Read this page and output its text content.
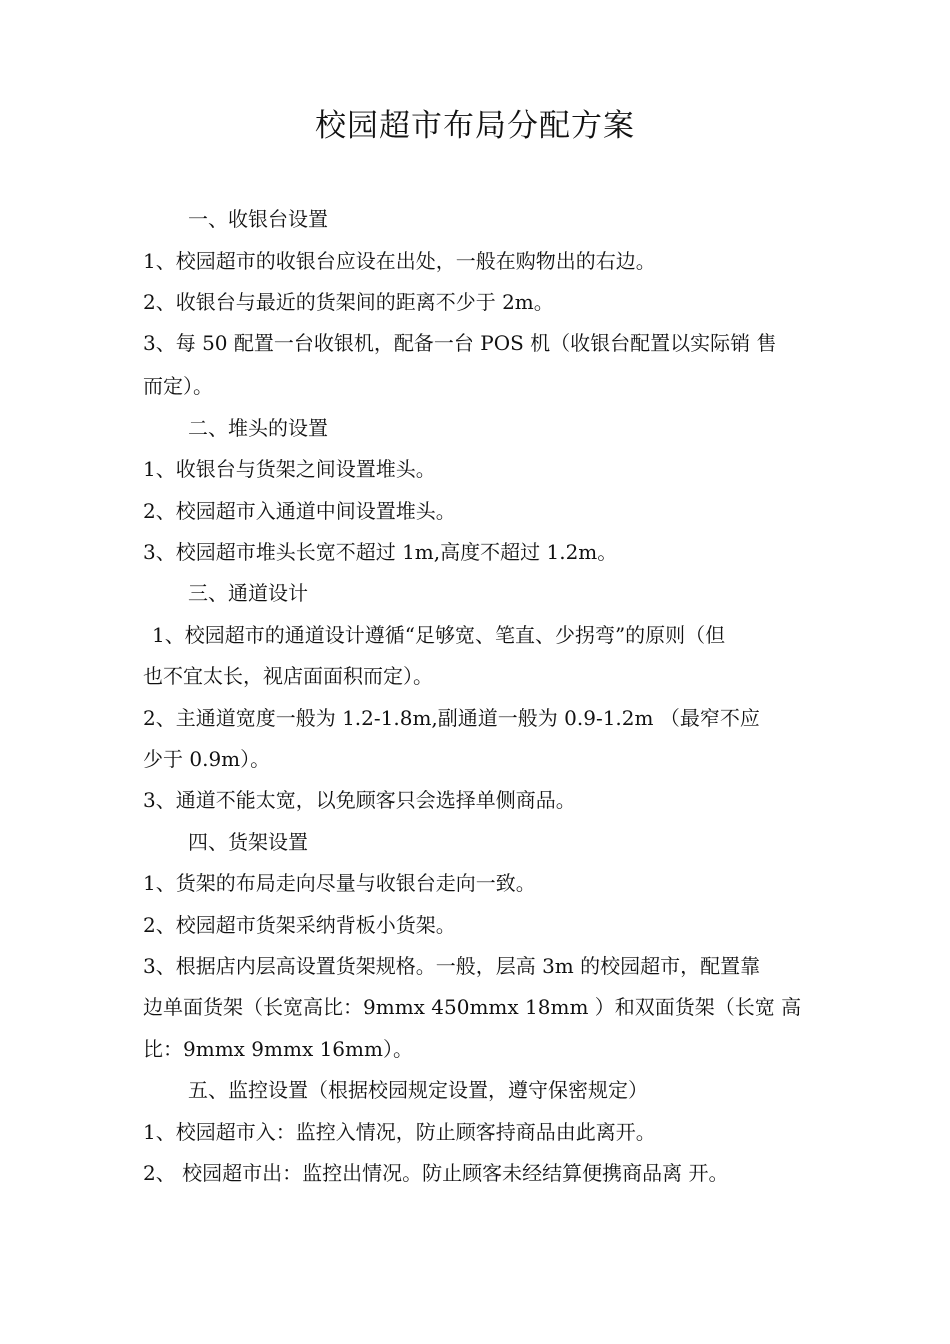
校园超市布局分配方案

一、收银台设置

1、校园超市的收银台应设在出处，一般在购物出的右边。

2、收银台与最近的货架间的距离不少于 2m。

3、每 50 配置一台收银机，配备一台 POS 机（收银台配置以实际销 售

而定）。

二、堆头的设置

1、收银台与货架之间设置堆头。

2、校园超市入通道中间设置堆头。

3、校园超市堆头长宽不超过 1m,高度不超过 1.2m。

三、通道设计

1、校园超市的通道设计遵循“足够宽、笔直、少拐弯”的原则（但

也不宜太长，视店面面积而定）。

2、主通道宽度一般为 1.2-1.8m,副通道一般为 0.9-1.2m （最窄不应

少于 0.9m）。

3、通道不能太宽，以免顾客只会选择单侧商品。

四、货架设置

1、货架的布局走向尽量与收银台走向一致。

2、校园超市货架采纳背板小货架。

3、根据店内层高设置货架规格。一般，层高 3m 的校园超市，配置靠

边单面货架（长宽高比：9mmx 450mmx 18mm ）和双面货架（长宽 高

比：9mmx 9mmx 16mm）。

五、监控设置（根据校园规定设置，遵守保密规定）

1、校园超市入：监控入情况，防止顾客持商品由此离开。

2、 校园超市出：监控出情况。防止顾客未经结算便携商品离 开。
